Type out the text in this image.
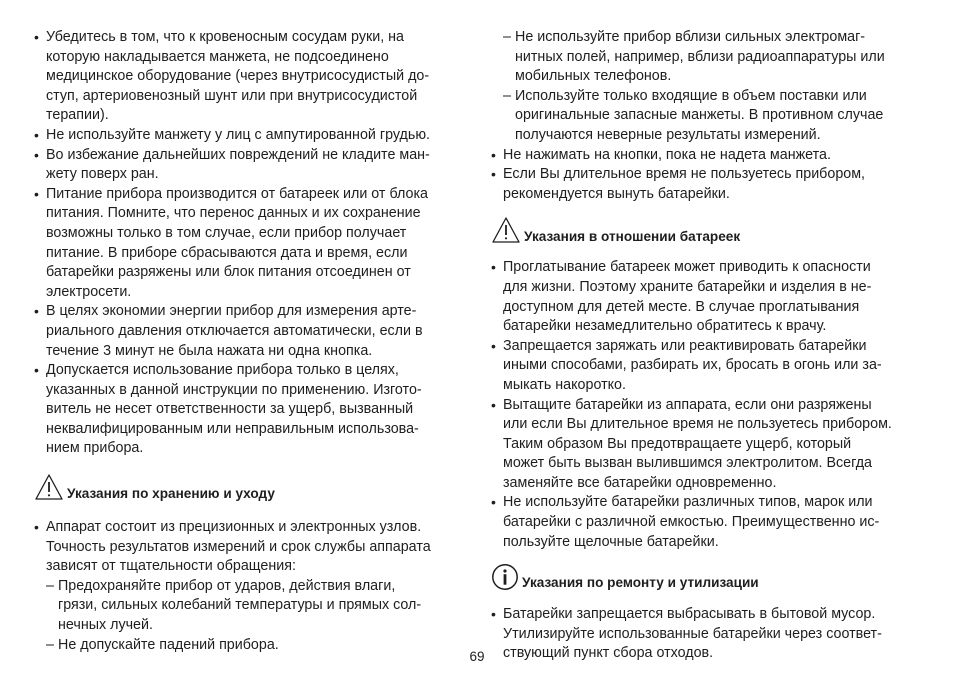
• Убедитесь в том, что к кровеносным сосудам руки, на
которую накладывается манжета, не подсоединено
медицинское оборудование (через внутрисосудистый до-
ступ, артериовенозный шунт или при внутрисосудистой
терапии).
• Не используйте манжету у лиц с ампутированной грудью.
• Во избежание дальнейших повреждений не кладите ман-
жету поверх ран.
• Питание прибора производится от батареек или от блока
питания. Помните, что перенос данных и их сохранение
возможны только в том случае, если прибор получает
питание. В приборе сбрасываются дата и время, если
батарейки разряжены или блок питания отсоединен от
электросети.
• В целях экономии энергии прибор для измерения арте-
риального давления отключается автоматически, если в
течение 3 минут не была нажата ни одна кнопка.
• Допускается использование прибора только в целях,
указанных в данной инструкции по применению. Изгото-
витель не несет ответственности за ущерб, вызванный
неквалифицированным или неправильным использова-
нием прибора.
Указания по хранению и уходу
• Аппарат состоит из прецизионных и электронных узлов.
Точность результатов измерений и срок службы аппарата
зависят от тщательности обращения:
– Предохраняйте прибор от ударов, действия влаги,
грязи, сильных колебаний температуры и прямых сол-
нечных лучей.
– Не допускайте падений прибора.
– Не используйте прибор вблизи сильных электромаг-
нитных полей, например, вблизи радиоаппаратуры или
мобильных телефонов.
– Используйте только входящие в объем поставки или
оригинальные запасные манжеты. В противном случае
получаются неверные результаты измерений.
• Не нажимать на кнопки, пока не надета манжета.
• Если Вы длительное время не пользуетесь прибором,
рекомендуется вынуть батарейки.
Указания в отношении батареек
• Проглатывание батареек может приводить к опасности
для жизни. Поэтому храните батарейки и изделия в не-
доступном для детей месте. В случае проглатывания
батарейки незамедлительно обратитесь к врачу.
• Запрещается заряжать или реактивировать батарейки
иными способами, разбирать их, бросать в огонь или за-
мыкать накоротко.
• Вытащите батарейки из аппарата, если они разряжены
или если Вы длительное время не пользуетесь прибором.
Таким образом Вы предотвращаете ущерб, который
может быть вызван вылившимся электролитом. Всегда
заменяйте все батарейки одновременно.
• Не используйте батарейки различных типов, марок или
батарейки с различной емкостью. Преимущественно ис-
пользуйте щелочные батарейки.
Указания по ремонту и утилизации
• Батарейки запрещается выбрасывать в бытовой мусор.
Утилизируйте использованные батарейки через соответ-
ствующий пункт сбора отходов.
69
